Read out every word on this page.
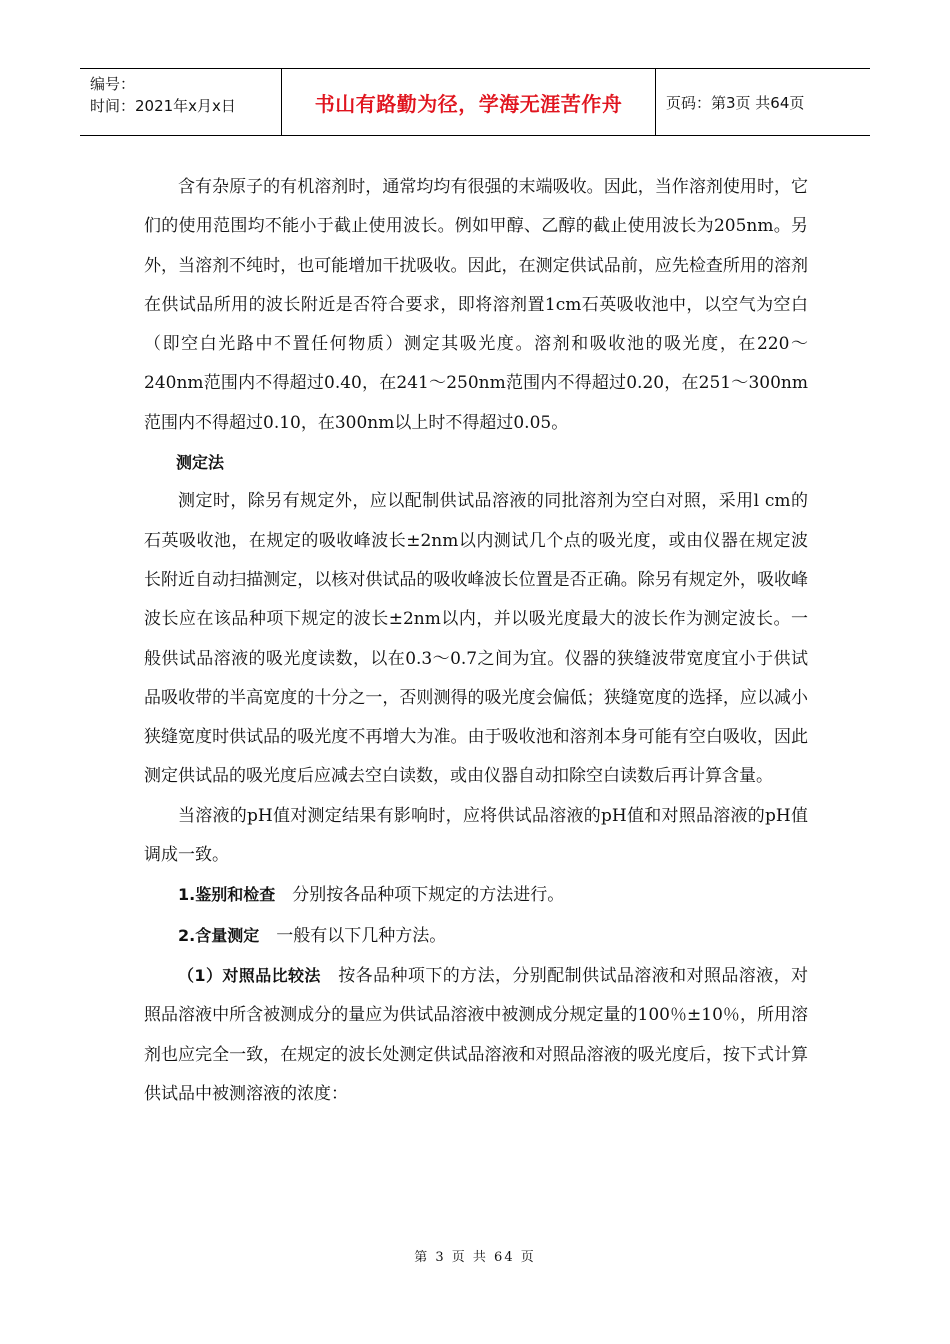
编号：
时间：2021年x月x日	书山有路勤为径，学海无涯苦作舟	页码：第3页 共64页

含有杂原子的有机溶剂时，通常均均有很强的末端吸收。因此，当作溶剂使用时，它们的使用范围均不能小于截止使用波长。例如甲醇、乙醇的截止使用波长为205nm。另外，当溶剂不纯时，也可能增加干扰吸收。因此，在测定供试品前，应先检查所用的溶剂在供试品所用的波长附近是否符合要求，即将溶剂置1cm石英吸收池中，以空气为空白（即空白光路中不置任何物质）测定其吸光度。溶剂和吸收池的吸光度，在220～240nm范围内不得超过0.40，在241～250nm范围内不得超过0.20，在251～300nm范围内不得超过0.10，在300nm以上时不得超过0.05。

测定法

测定时，除另有规定外，应以配制供试品溶液的同批溶剂为空白对照，采用l cm的石英吸收池，在规定的吸收峰波长±2nm以内测试几个点的吸光度，或由仪器在规定波长附近自动扫描测定，以核对供试品的吸收峰波长位置是否正确。除另有规定外，吸收峰波长应在该品种项下规定的波长±2nm以内，并以吸光度最大的波长作为测定波长。一般供试品溶液的吸光度读数，以在0.3～0.7之间为宜。仪器的狭缝波带宽度宜小于供试品吸收带的半高宽度的十分之一，否则测得的吸光度会偏低；狭缝宽度的选择，应以减小狭缝宽度时供试品的吸光度不再增大为准。由于吸收池和溶剂本身可能有空白吸收，因此测定供试品的吸光度后应减去空白读数，或由仪器自动扣除空白读数后再计算含量。

当溶液的pH值对测定结果有影响时，应将供试品溶液的pH值和对照品溶液的pH值调成一致。

1.鉴别和检查  分别按各品种项下规定的方法进行。

2.含量测定  一般有以下几种方法。

（1）对照品比较法  按各品种项下的方法，分别配制供试品溶液和对照品溶液，对照品溶液中所含被测成分的量应为供试品溶液中被测成分规定量的100％±10％，所用溶剂也应完全一致，在规定的波长处测定供试品溶液和对照品溶液的吸光度后，按下式计算供试品中被测溶液的浓度：

第 3 页 共 64 页
